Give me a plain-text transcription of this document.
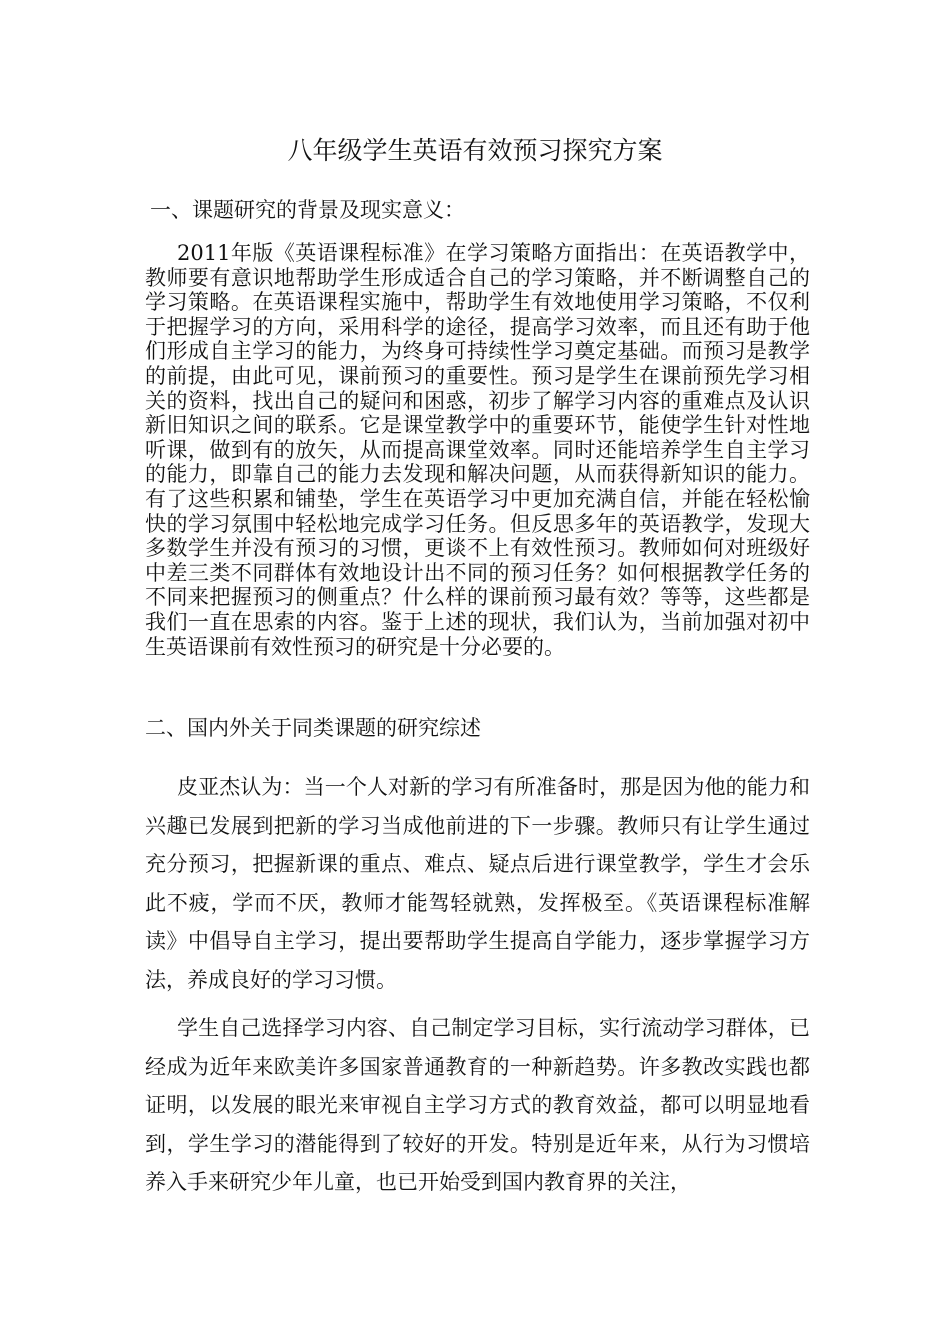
八年级学生英语有效预习探究方案
一、课题研究的背景及现实意义：

2011年版《英语课程标准》在学习策略方面指出：在英语教学中，教师要有意识地帮助学生形成适合自己的学习策略，并不断调整自己的学习策略。在英语课程实施中，帮助学生有效地使用学习策略，不仅利于把握学习的方向，采用科学的途径，提高学习效率，而且还有助于他们形成自主学习的能力，为终身可持续性学习奠定基础。而预习是教学的前提，由此可见，课前预习的重要性。预习是学生在课前预先学习相关的资料，找出自己的疑问和困惑，初步了解学习内容的重难点及认识新旧知识之间的联系。它是课堂教学中的重要环节，能使学生针对性地听课，做到有的放矢，从而提高课堂效率。同时还能培养学生自主学习的能力，即靠自己的能力去发现和解决问题，从而获得新知识的能力。有了这些积累和铺垫，学生在英语学习中更加充满自信，并能在轻松愉快的学习氛围中轻松地完成学习任务。但反思多年的英语教学，发现大多数学生并没有预习的习惯，更谈不上有效性预习。教师如何对班级好中差三类不同群体有效地设计出不同的预习任务？如何根据教学任务的不同来把握预习的侧重点？什么样的课前预习最有效？等等，这些都是我们一直在思索的内容。鉴于上述的现状，我们认为，当前加强对初中生英语课前有效性预习的研究是十分必要的。

二、国内外关于同类课题的研究综述

皮亚杰认为：当一个人对新的学习有所准备时，那是因为他的能力和兴趣已发展到把新的学习当成他前进的下一步骤。教师只有让学生通过充分预习，把握新课的重点、难点、疑点后进行课堂教学，学生才会乐此不疲，学而不厌，教师才能驾轻就熟，发挥极至。《英语课程标准解读》中倡导自主学习，提出要帮助学生提高自学能力，逐步掌握学习方法，养成良好的学习习惯。

学生自己选择学习内容、自己制定学习目标，实行流动学习群体，已经成为近年来欧美许多国家普通教育的一种新趋势。许多教改实践也都证明，以发展的眼光来审视自主学习方式的教育效益，都可以明显地看到，学生学习的潜能得到了较好的开发。特别是近年来，从行为习惯培养入手来研究少年儿童，也已开始受到国内教育界的关注，
